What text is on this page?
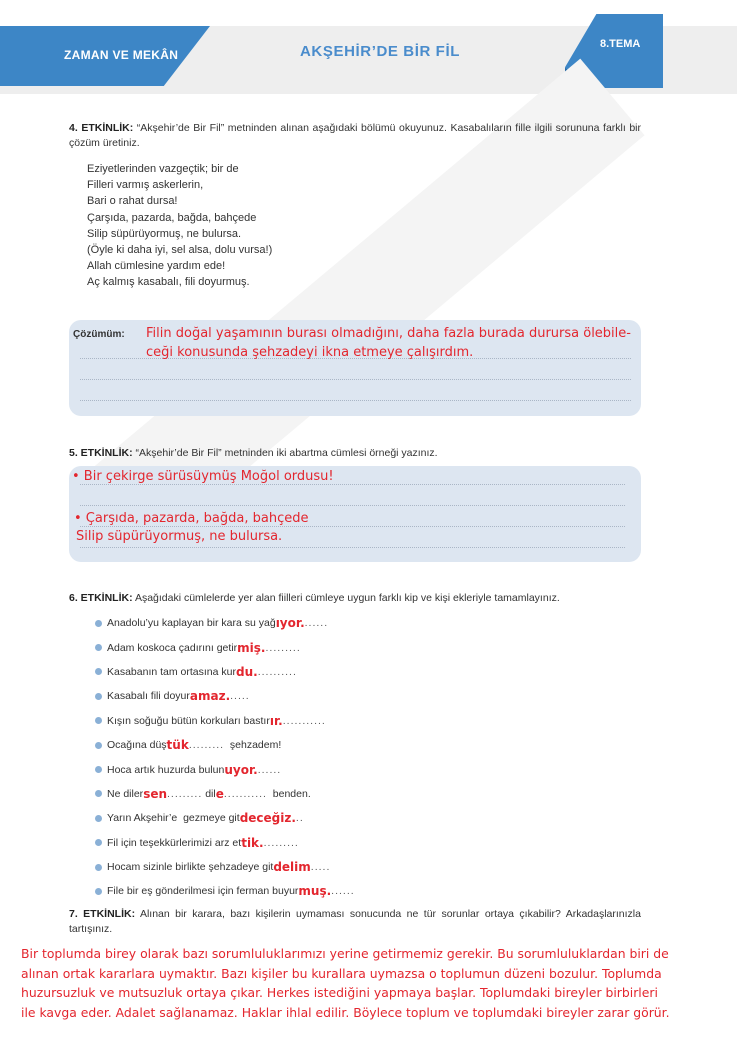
ZAMAN VE MEKÂN	AKŞEHİR’DE BİR FİL	8.TEMA
4. ETKİNLİK: “Akşehir’de Bir Fil” metninden alınan aşağıdaki bölümü okuyunuz. Kasabalıların fille ilgili sorununa farklı bir çözüm üretiniz.
Eziyetlerinden vazgeçtik; bir de
Filleri varmış askerlerin,
Bari o rahat dursa!
Çarşıda, pazarda, bağda, bahçede
Silip süpürüyormuş, ne bulursa.
(Öyle ki daha iyi, sel alsa, dolu vursa!)
Allah cümlesine yardım ede!
Aç kalmış kasabalı, fili doyurmuş.
Çözümüm: Filin doğal yaşamının burası olmadığını, daha fazla burada durursa ölebile-
ceği konusunda şehzadeyi ikna etmeye çalışırdım.
5. ETKİNLİK: “Akşehir’de Bir Fil” metninden iki abartma cümlesi örneği yazınız.
• Bir çekirge sürüsüymüş Moğol ordusu!
• Çarşıda, pazarda, bağda, bahçede
Silip süpürüyormuş, ne bulursa.
6. ETKİNLİK: Aşağıdaki cümlelerde yer alan fiilleri cümleye uygun farklı kip ve kişi ekleriyle tamamlayınız.
Anadolu’yu kaplayan bir kara su yağ ıyor. ......
Adam koskoca çadırını getir miş. .........
Kasabanın tam ortasına kur du. ..........
Kasabalı fili doyur amaz. .....
Kışın soğuğu bütün korkuları bastır ır. ...........
Ocağına düş tük ......... şehzadem!
Hoca artık huzurda bulun uyor. ......
Ne diler sen ......... dil e ........... benden.
Yarın Akşehir’e  gezmeye git deceğiz. ..
Fil için teşekkürlerimizi arz et tik. .........
Hocam sizinle birlikte şehzadeye git delim .....
File bir eş gönderilmesi için ferman buyur muş. ......
7. ETKİNLİK: Alınan bir karara, bazı kişilerin uymaması sonucunda ne tür sorunlar ortaya çıkabilir? Arkadaşlarınızla tartışınız.
Bir toplumda birey olarak bazı sorumluluklarımızı yerine getirmemiz gerekir. Bu sorumluluklardan biri de
alınan ortak kararlara uymaktır. Bazı kişiler bu kurallara uymazsa o toplumun düzeni bozulur. Toplumda
huzursuzluk ve mutsuzluk ortaya çıkar. Herkes istediğini yapmaya başlar. Toplumdaki bireyler birbirleri
ile kavga eder. Adalet sağlanamaz. Haklar ihlal edilir. Böylece toplum ve toplumdaki bireyler zarar görür.
